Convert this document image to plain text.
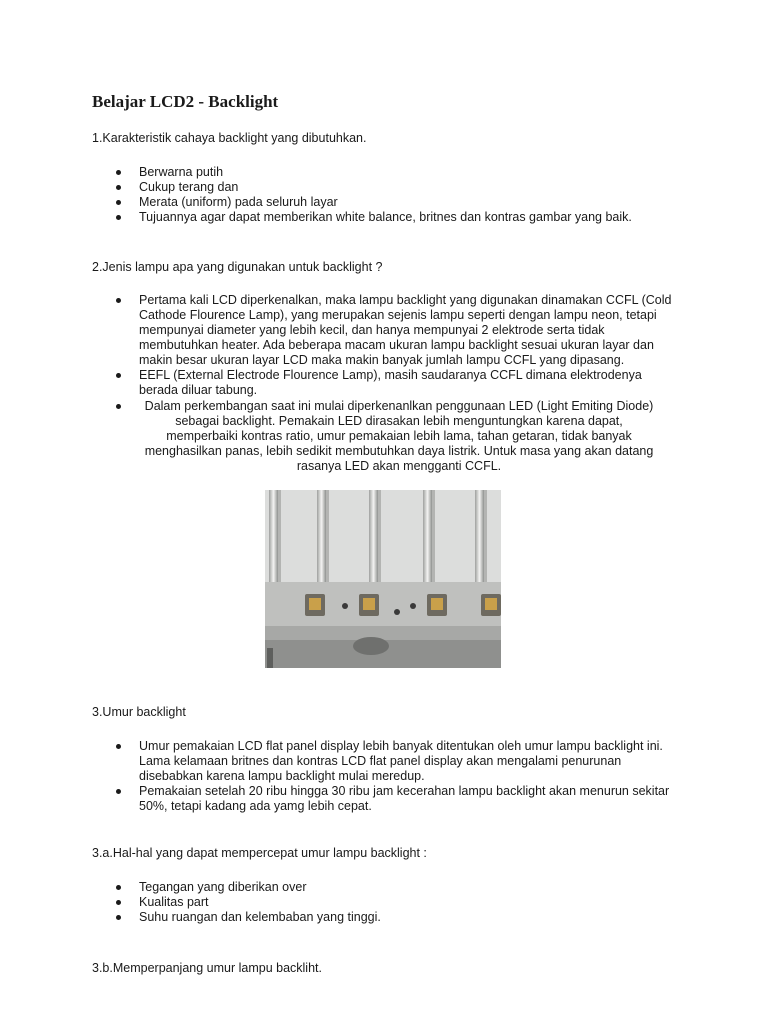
Belajar LCD2 - Backlight

1.Karakteristik cahaya backlight yang dibutuhkan.

Berwarna putih
Cukup terang dan
Merata (uniform) pada seluruh layar
Tujuannya agar dapat memberikan white balance, britnes dan kontras gambar yang baik.

2.Jenis lampu apa yang digunakan untuk backlight ?

Pertama kali LCD diperkenalkan, maka lampu backlight yang digunakan dinamakan CCFL (Cold Cathode Flourence Lamp), yang merupakan sejenis lampu seperti dengan lampu neon, tetapi mempunyai diameter yang lebih kecil, dan hanya mempunyai 2 elektrode serta tidak membutuhkan heater. Ada beberapa macam ukuran lampu backlight sesuai ukuran layar dan makin besar ukuran layar LCD maka makin banyak jumlah lampu CCFL yang dipasang.
EEFL (External Electrode Flourence Lamp), masih saudaranya CCFL dimana elektrodenya berada diluar tabung.
Dalam perkembangan saat ini mulai diperkenanlkan penggunaan LED (Light Emiting Diode) sebagai backlight. Pemakain LED dirasakan lebih menguntungkan karena dapat, memperbaiki kontras ratio, umur pemakaian lebih lama, tahan getaran, tidak banyak menghasilkan panas, lebih sedikit membutuhkan daya listrik. Untuk masa yang akan datang rasanya LED akan mengganti CCFL.

3.Umur backlight

Umur pemakaian LCD flat panel display lebih banyak ditentukan oleh umur lampu backlight ini. Lama kelamaan britnes dan kontras LCD flat panel display akan mengalami penurunan disebabkan karena lampu backlight mulai meredup.
Pemakaian setelah 20 ribu hingga 30 ribu jam kecerahan lampu backlight akan menurun sekitar 50%, tetapi kadang ada yamg lebih cepat.

3.a.Hal-hal yang dapat mempercepat umur lampu backlight :

Tegangan yang diberikan over
Kualitas part
Suhu ruangan dan kelembaban yang tinggi.

3.b.Memperpanjang umur lampu backliht.
